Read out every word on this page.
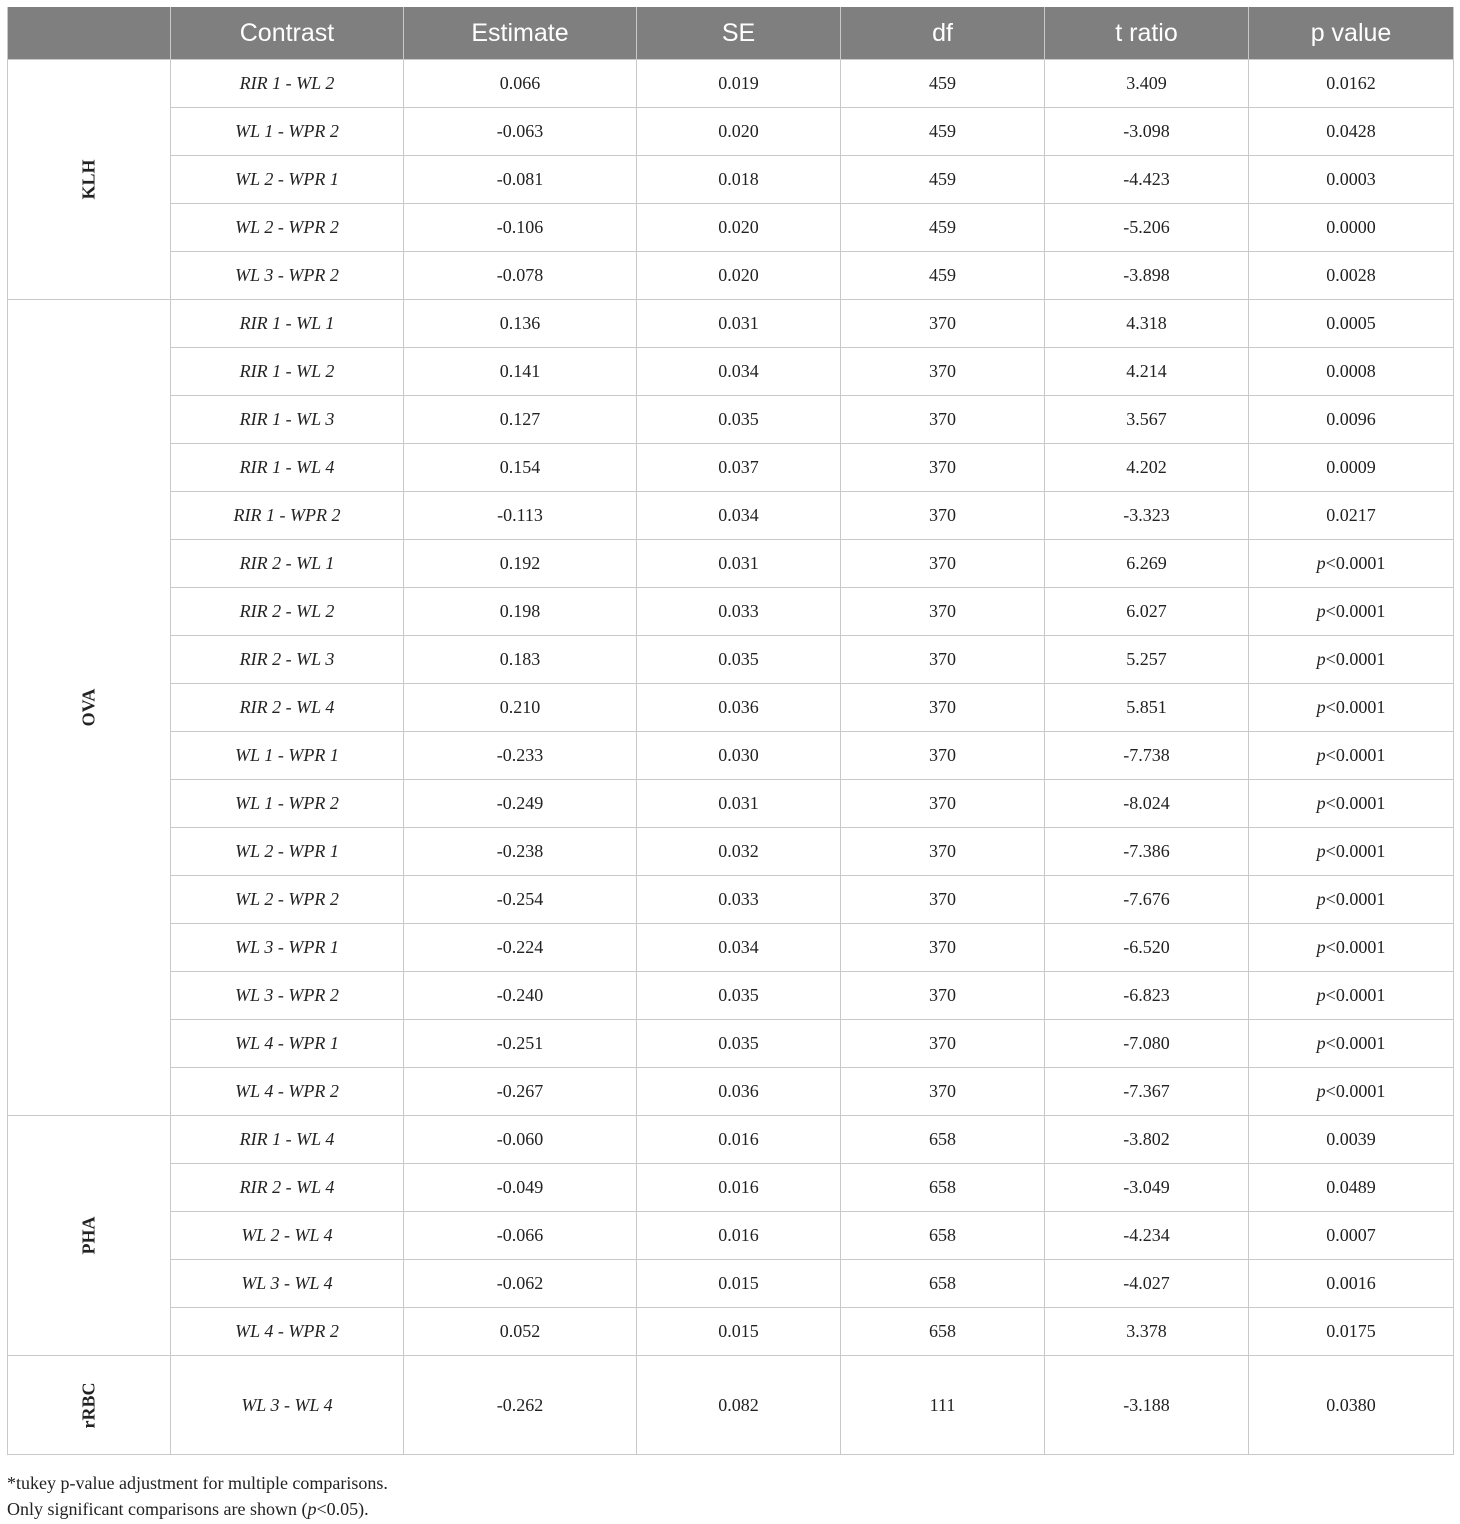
	Contrast	Estimate	SE	df	t ratio	p value
KLH	RIR 1 - WL 2	0.066	0.019	459	3.409	0.0162
	WL 1 - WPR 2	-0.063	0.020	459	-3.098	0.0428
	WL 2 - WPR 1	-0.081	0.018	459	-4.423	0.0003
	WL 2 - WPR 2	-0.106	0.020	459	-5.206	0.0000
	WL 3 - WPR 2	-0.078	0.020	459	-3.898	0.0028
OVA	RIR 1 - WL 1	0.136	0.031	370	4.318	0.0005
	RIR 1 - WL 2	0.141	0.034	370	4.214	0.0008
	RIR 1 - WL 3	0.127	0.035	370	3.567	0.0096
	RIR 1 - WL 4	0.154	0.037	370	4.202	0.0009
	RIR 1 - WPR 2	-0.113	0.034	370	-3.323	0.0217
	RIR 2 - WL 1	0.192	0.031	370	6.269	p<0.0001
	RIR 2 - WL 2	0.198	0.033	370	6.027	p<0.0001
	RIR 2 - WL 3	0.183	0.035	370	5.257	p<0.0001
	RIR 2 - WL 4	0.210	0.036	370	5.851	p<0.0001
	WL 1 - WPR 1	-0.233	0.030	370	-7.738	p<0.0001
	WL 1 - WPR 2	-0.249	0.031	370	-8.024	p<0.0001
	WL 2 - WPR 1	-0.238	0.032	370	-7.386	p<0.0001
	WL 2 - WPR 2	-0.254	0.033	370	-7.676	p<0.0001
	WL 3 - WPR 1	-0.224	0.034	370	-6.520	p<0.0001
	WL 3 - WPR 2	-0.240	0.035	370	-6.823	p<0.0001
	WL 4 - WPR 1	-0.251	0.035	370	-7.080	p<0.0001
	WL 4 - WPR 2	-0.267	0.036	370	-7.367	p<0.0001
PHA	RIR 1 - WL 4	-0.060	0.016	658	-3.802	0.0039
	RIR 2 - WL 4	-0.049	0.016	658	-3.049	0.0489
	WL 2 - WL 4	-0.066	0.016	658	-4.234	0.0007
	WL 3 - WL 4	-0.062	0.015	658	-4.027	0.0016
	WL 4 - WPR 2	0.052	0.015	658	3.378	0.0175
rRBC	WL 3 - WL 4	-0.262	0.082	111	-3.188	0.0380
*tukey p-value adjustment for multiple comparisons.
Only significant comparisons are shown (p<0.05).
